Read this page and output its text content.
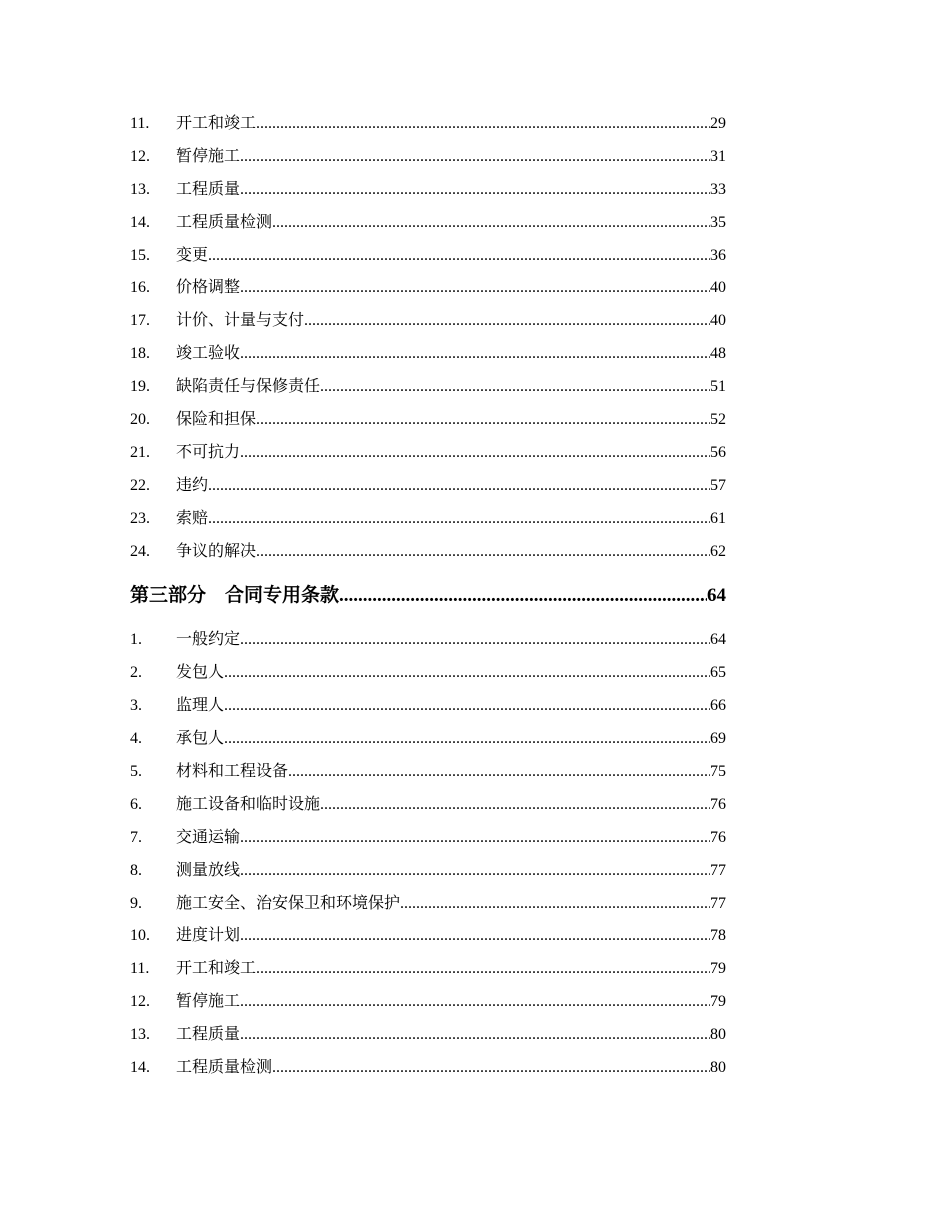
11.	开工和竣工 .....	29
12.	暂停施工 .....	31
13.	工程质量 .....	33
14.	工程质量检测 .....	35
15.	变更 .....	36
16.	价格调整 .....	40
17.	计价、计量与支付 .....	40
18.	竣工验收 .....	48
19.	缺陷责任与保修责任 .....	51
20.	保险和担保 .....	52
21.	不可抗力 .....	56
22.	违约 .....	57
23.	索赔 .....	61
24.	争议的解决 .....	62
第三部分　合同专用条款 .....	64
1.	一般约定 .....	64
2.	发包人 .....	65
3.	监理人 .....	66
4.	承包人 .....	69
5.	材料和工程设备 .....	75
6.	施工设备和临时设施 .....	76
7.	交通运输 .....	76
8.	测量放线 .....	77
9.	施工安全、治安保卫和环境保护 .....	77
10.	进度计划 .....	78
11.	开工和竣工 .....	79
12.	暂停施工 .....	79
13.	工程质量 .....	80
14.	工程质量检测 .....	80
